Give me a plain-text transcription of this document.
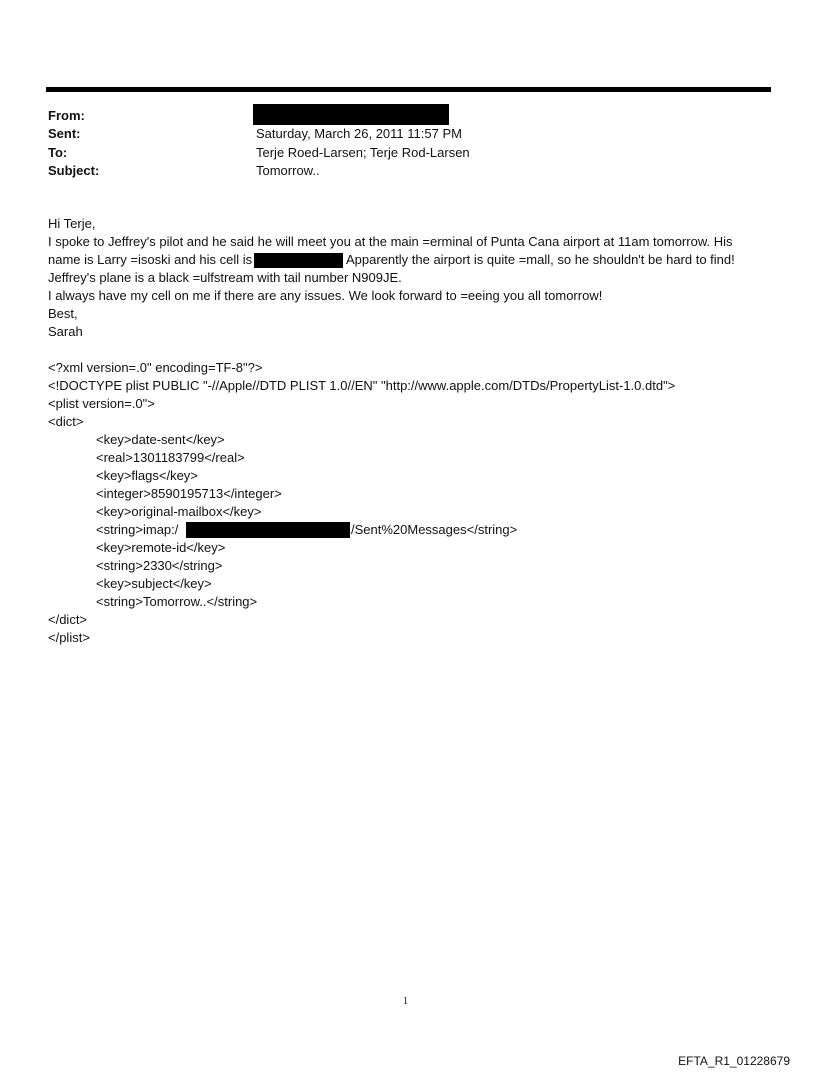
From:
Sent:	Saturday, March 26, 2011 11:57 PM
To:	Terje Roed-Larsen; Terje Rod-Larsen
Subject:	Tomorrow..
Hi Terje,
I spoke to Jeffrey's pilot and he said he will meet you at the main =erminal of Punta Cana airport at 11am tomorrow. His
name is Larry =isoski and his cell is	Apparently the airport is quite =mall, so he shouldn't be hard to find!
Jeffrey's plane is a black =ulfstream with tail number N909JE.
I always have my cell on me if there are any issues. We look forward to =eeing you all tomorrow!
Best,
Sarah
<?xml version=.0" encoding=TF-8"?>
<!DOCTYPE plist PUBLIC "-//Apple//DTD PLIST 1.0//EN" "http://www.apple.com/DTDs/PropertyList-1.0.dtd">
<plist version=.0">
<dict>
<key>date-sent</key>
<real>1301183799</real>
<key>flags</key>
<integer>8590195713</integer>
<key>original-mailbox</key>
<string>imap:/	/Sent%20Messages</string>
<key>remote-id</key>
<string>2330</string>
<key>subject</key>
<string>Tomorrow..</string>
</dict>
</plist>
1
EFTA_R1_01228679
